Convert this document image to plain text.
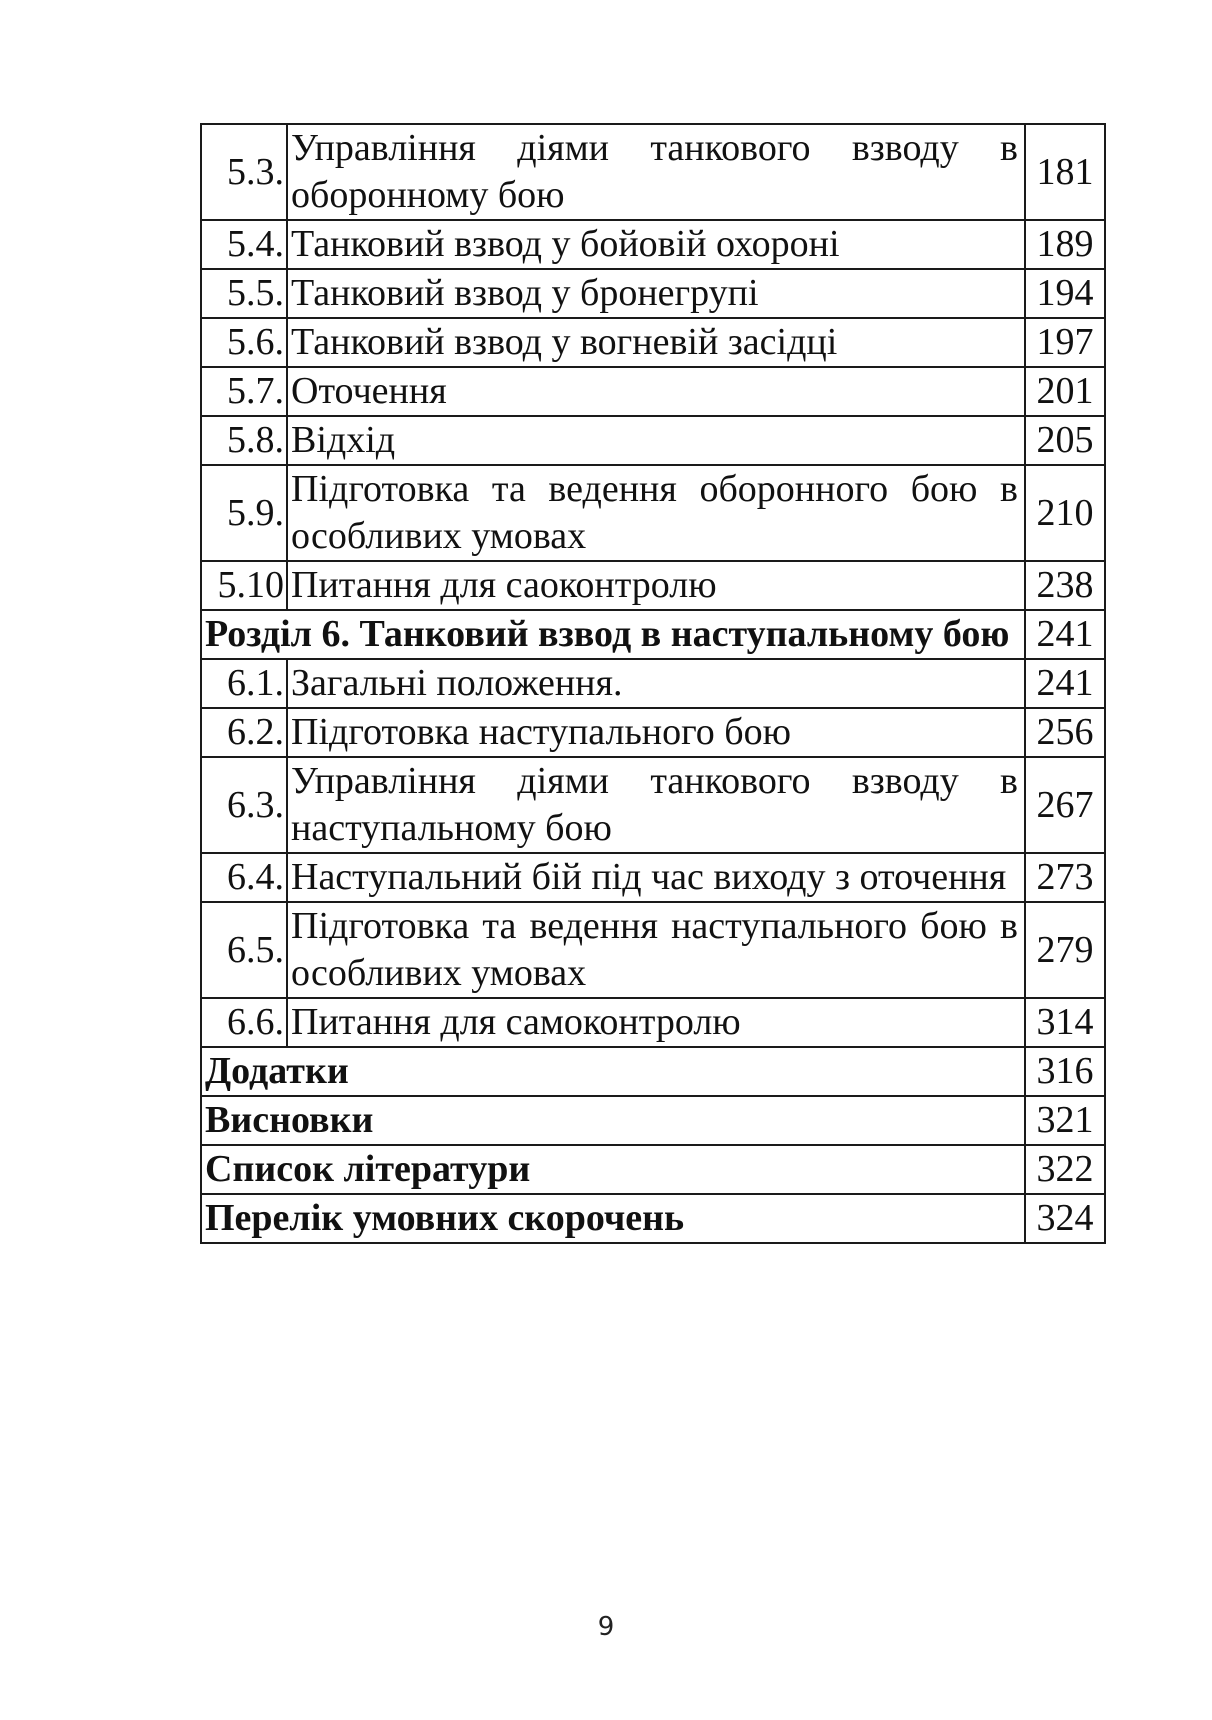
5.3.	Управління діями танкового взводу в оборонному бою	181
5.4.	Танковий взвод у бойовій охороні	189
5.5.	Танковий взвод у бронегрупі	194
5.6.	Танковий взвод у вогневій засідці	197
5.7.	Оточення	201
5.8.	Відхід	205
5.9.	Підготовка та ведення оборонного бою в особливих умовах	210
5.10	Питання для саоконтролю	238
Розділ 6. Танковий взвод в наступальному бою		241
6.1.	Загальні положення.	241
6.2.	Підготовка наступального бою	256
6.3.	Управління діями танкового взводу в наступальному бою	267
6.4.	Наступальний бій під час виходу з оточення	273
6.5.	Підготовка та ведення наступального бою в особливих умовах	279
6.6.	Питання для самоконтролю	314
Додатки		316
Висновки		321
Список літератури		322
Перелік умовних скорочень		324
9
